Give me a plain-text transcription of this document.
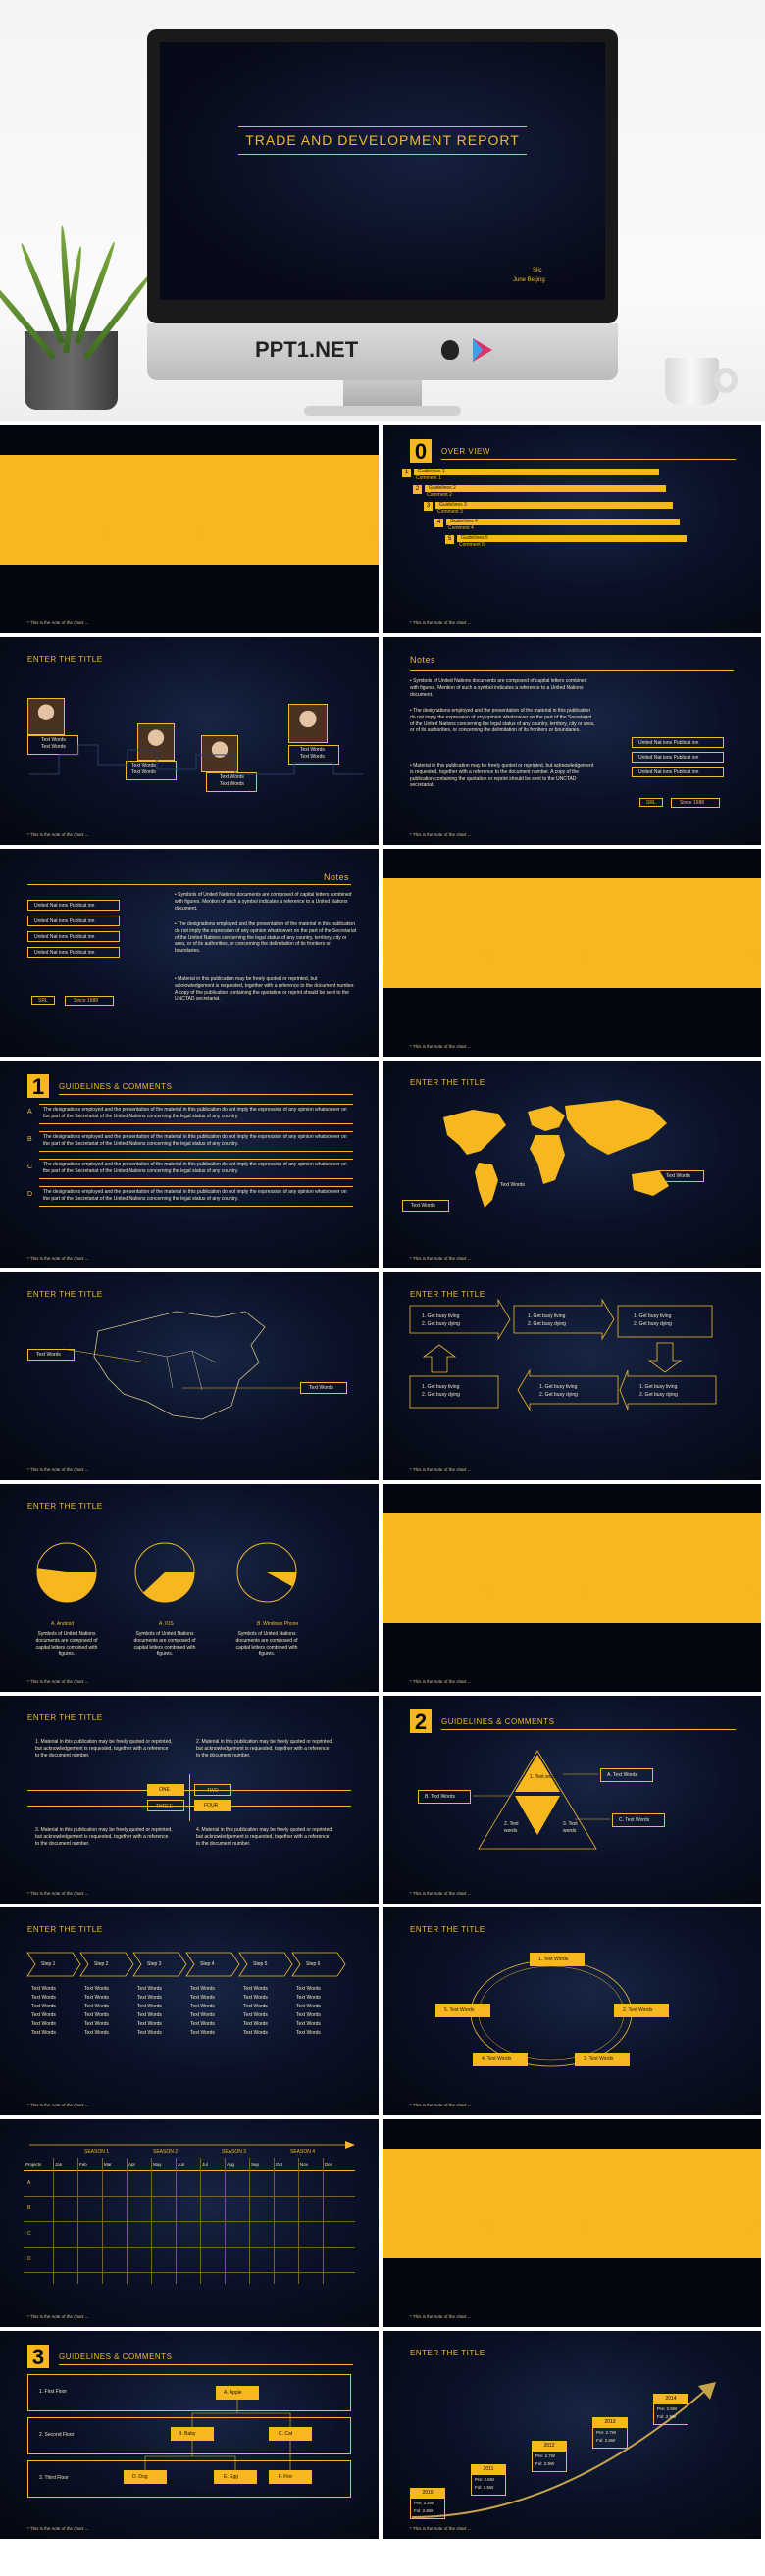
TRADE AND DEVELOPMENT REPORT
Slic
June Beijing
PPT1.NET
P	A	R	T	0
* This is the note of the chart ...
0	OVER VIEW
* This is the note of the chart ...
1	Guidelines 1
Comment 1
2	Guidelines 2
Comment 2
3	Guidelines 3
Comment 3
4	Guidelines 4
Comment 4
5	Guidelines 5
Comment 5
ENTER THE TITLE
Text Words
Text Words
Text Words
Text Words
Text Words
Text Words
Text Words
Text Words
* This is the note of the chart ...
Notes
• Symbols of United Nations documents are composed of capital letters combined with figures. Mention of such a symbol indicates a reference to a United Nations document.
• The designations employed and the presentation of the material in this publication do not imply the expression of any opinion whatsoever on the part of the Secretariat of the United Nations concerning the legal status of any country, territory, city or area, or of its authorities, or concerning the delimitation of its frontiers or boundaries.
• Material in this publication may be freely quoted or reprinted, but acknowledgement is requested, together with a reference to the document number. A copy of the publication containing the quotation or reprint should be sent to the UNCTAD secretariat.
United Nat ions Publicat ion
United Nat ions Publicat ion
United Nat ions Publicat ion
SRL	Since 1988
* This is the note of the chart ...
Notes
United Nat ions Publicat ion
United Nat ions Publicat ion
United Nat ions Publicat ion
United Nat ions Publicat ion
SRL	Since 1988
• Symbols of United Nations documents are composed of capital letters combined with figures. Mention of such a symbol indicates a reference to a United Nations document.
• The designations employed and the presentation of the material in this publication do not imply the expression of any opinion whatsoever on the part of the Secretariat of the United Nations concerning the legal status of any country, territory, city or area, or of its authorities, or concerning the delimitation of its frontiers or boundaries.
• Material in this publication may be freely quoted or reprinted, but acknowledgement is requested, together with a reference to the document number. A copy of the publication containing the quotation or reprint should be sent to the UNCTAD secretariat.
P	A	R	T	1
* This is the note of the chart ...
1	GUIDELINES & COMMENTS
* This is the note of the chart ...
A The designations employed and the presentation of the material in this publication do not imply the expression of any opinion whatsoever on the part of the Secretariat of the United Nations concerning the legal status of any country.
B The designations employed and the presentation of the material in this publication do not imply the expression of any opinion whatsoever on the part of the Secretariat of the United Nations concerning the legal status of any country.
C The designations employed and the presentation of the material in this publication do not imply the expression of any opinion whatsoever on the part of the Secretariat of the United Nations concerning the legal status of any country.
D The designations employed and the presentation of the material in this publication do not imply the expression of any opinion whatsoever on the part of the Secretariat of the United Nations concerning the legal status of any country.
ENTER THE TITLE
Text Words
Text Words
Text Words
* This is the note of the chart ...
ENTER THE TITLE
Text Words
Text Words
* This is the note of the chart ...
ENTER THE TITLE
1. Get busy living
2. Get busy dying
1. Get busy living
2. Get busy dying
1. Get busy living
2. Get busy dying
1. Get busy living
2. Get busy dying
1. Get busy living
2. Get busy dying
1. Get busy living
2. Get busy dying
* This is the note of the chart ...
ENTER THE TITLE
A. Android	A. IOS	B. Windows Phone
Symbols of United Nations documents are composed of capital letters combined with figures.
Symbols of United Nations documents are composed of capital letters combined with figures.
Symbols of United Nations documents are composed of capital letters combined with figures.
* This is the note of the chart ...
P	A	R	T	2
* This is the note of the chart ...
ENTER THE TITLE
1. Material in this publication may be freely quoted or reprinted, but acknowledgement is requested, together with a reference to the document number.
2. Material in this publication may be freely quoted or reprinted, but acknowledgement is requested, together with a reference to the document number.
ONE	TWO
THREE	FOUR
3. Material in this publication may be freely quoted or reprinted, but acknowledgement is requested, together with a reference to the document number.
4. Material in this publication may be freely quoted or reprinted, but acknowledgement is requested, together with a reference to the document number.
* This is the note of the chart ...
2	GUIDELINES & COMMENTS
1. Text words
2. Text words
3. Text words
A. Text Words
B. Text Words
C. Text Words
* This is the note of the chart ...
ENTER THE TITLE
* This is the note of the chart ...
Step 1
Text Words
Text Words
Text Words
Text Words
Text Words
Text Words
Step 2
Text Words
Text Words
Text Words
Text Words
Text Words
Text Words
Step 3
Text Words
Text Words
Text Words
Text Words
Text Words
Text Words
Step 4
Text Words
Text Words
Text Words
Text Words
Text Words
Text Words
Step 5
Text Words
Text Words
Text Words
Text Words
Text Words
Text Words
Step 6
Text Words
Text Words
Text Words
Text Words
Text Words
Text Words
ENTER THE TITLE
1. Text Words
2. Text Words
3. Text Words
4. Text Words
5. Text Words
* This is the note of the chart ...
* This is the note of the chart ...
SEASON 1	SEASON 2	SEASON 3	SEASON 4
Projects	Jan	Feb	Mar	Apr	May	Jun	Jul	Aug	Sep	Oct	Nov	Dec
A
B
C
D
P	A	R	T	3
* This is the note of the chart ...
3	GUIDELINES & COMMENTS
1. First Floor
2. Second Floor
3. Third Floor
A. Apple
B. Baby	C. Cat
D. Dog	E. Egg	F. Fire
* This is the note of the chart ...
ENTER THE TITLE
* This is the note of the chart ...
2010
Pre: 2.4W
Fol: 2.6W
2011
Pre: 2.6W
Fol: 2.5W
2012
Pre: 2.7W
Fol: 2.5W
2013
Pre: 2.7W
Fol: 2.5W
2014
Pre: 2.8W
Fol: 2.9W
